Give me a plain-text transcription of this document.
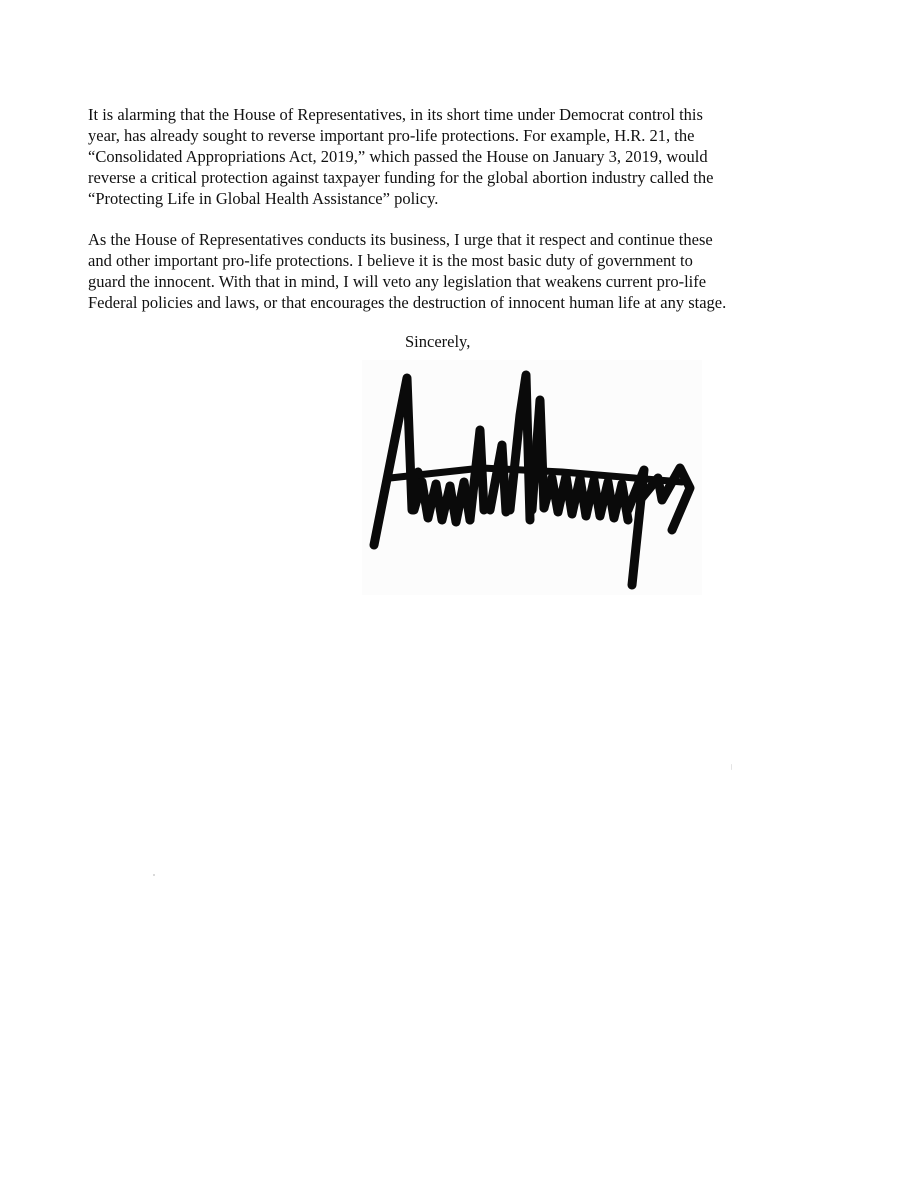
It is alarming that the House of Representatives, in its short time under Democrat control this
year, has already sought to reverse important pro-life protections. For example, H.R. 21, the
“Consolidated Appropriations Act, 2019,” which passed the House on January 3, 2019, would
reverse a critical protection against taxpayer funding for the global abortion industry called the
“Protecting Life in Global Health Assistance” policy.

As the House of Representatives conducts its business, I urge that it respect and continue these
and other important pro-life protections. I believe it is the most basic duty of government to
guard the innocent. With that in mind, I will veto any legislation that weakens current pro-life
Federal policies and laws, or that encourages the destruction of innocent human life at any stage.

Sincerely,
